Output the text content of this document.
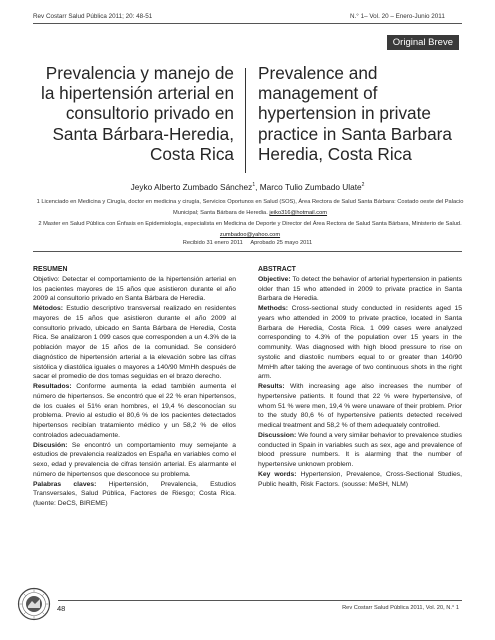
Rev Costarr Salud Pública 2011; 20: 48-51	N.° 1– Vol. 20 – Enero-Junio 2011
Original Breve
Prevalencia y manejo de la hipertensión arterial en consultorio privado en Santa Bárbara-Heredia, Costa Rica
Prevalence and management of hypertension in private practice in Santa Barbara Heredia, Costa Rica
Jeyko Alberto Zumbado Sánchez$^1$, Marco Tulio Zumbado Ulate$^2$
1 Licenciado en Medicina y Cirugía, doctor en medicina y cirugía, Servicios Oportunos en Salud (SOS), Área Rectora de Salud Santa Bárbara: Costado oeste del Palacio Municipal; Santa Bárbara de Heredia. jeiko316@hotmail.com
2 Master en Salud Pública con Énfasis en Epidemiología, especialista en Medicina de Deporte y Director del Área Rectora de Salud Santa Bárbara, Ministerio de Salud. zumbadoo@yahoo.com
Recibido 31 enero 2011 Aprobado 25 mayo 2011
RESUMEN

Objetivo: Detectar el comportamiento de la hipertensión arterial en los pacientes mayores de 15 años que asistieron durante el año 2009 al consultorio privado en Santa Bárbara de Heredia.

Métodos: Estudio descriptivo transversal realizado en residentes mayores de 15 años que asistieron durante el año 2009 al consultorio privado, ubicado en Santa Bárbara de Heredia, Costa Rica. Se analizaron 1 099 casos que corresponden a un 4.3% de la población mayor de 15 años de la comunidad. Se consideró diagnóstico de hipertensión arterial a la elevación sobre las cifras sistólica y diastólica iguales o mayores a 140/90 MmHh después de sacar el promedio de dos tomas seguidas en el brazo derecho.

Resultados: Conforme aumenta la edad también aumenta el número de hipertensos. Se encontró que el 22 % eran hipertensos, de los cuales el 51% eran hombres, el 19,4 % desconocían su problema. Previo al estudio el 80,6 % de los pacientes detectados hipertensos recibían tratamiento médico y un 58,2 % de ellos controlados adecuadamente.

Discusión: Se encontró un comportamiento muy semejante a estudios de prevalencia realizados en España en variables como el sexo, edad y prevalencia de cifras tensión arterial. Es alarmante el número de hipertensos que desconoce su problema.

Palabras claves: Hipertensión, Prevalencia, Estudios Transversales, Salud Pública, Factores de Riesgo; Costa Rica. (fuente: DeCS, BIREME)

ABSTRACT

Objective: To detect the behavior of arterial hypertension in patients older than 15 who attended in 2009 to private practice in Santa Barbara de Heredia.

Methods: Cross-sectional study conducted in residents aged 15 years who attended in 2009 to private practice, located in Santa Barbara de Heredia, Costa Rica. 1 099 cases were analyzed corresponding to 4.3% of the population over 15 years in the community. Was diagnosed with high blood pressure to rise on systolic and diastolic numbers equal to or greater than 140/90 MmHh after taking the average of two continuous shots in the right arm.

Results: With increasing age also increases the number of hypertensive patients. It found that 22 % were hypertensive, of whom 51 % were men, 19,4 % were unaware of their problem. Prior to the study 80,6 % of hypertensive patients detected received medical treatment and 58,2 % of them adequately controlled.

Discussion: We found a very similar behavior to prevalence studies conducted in Spain in variables such as sex, age and prevalence of blood pressure numbers. It is alarming that the number of hypertensive unknown problem.

Key words: Hypertension, Prevalence, Cross-Sectional Studies, Public health, Risk Factors. (sousse: MeSH, NLM)

48	Rev Costarr Salud Pública 2011, Vol. 20, N.° 1
